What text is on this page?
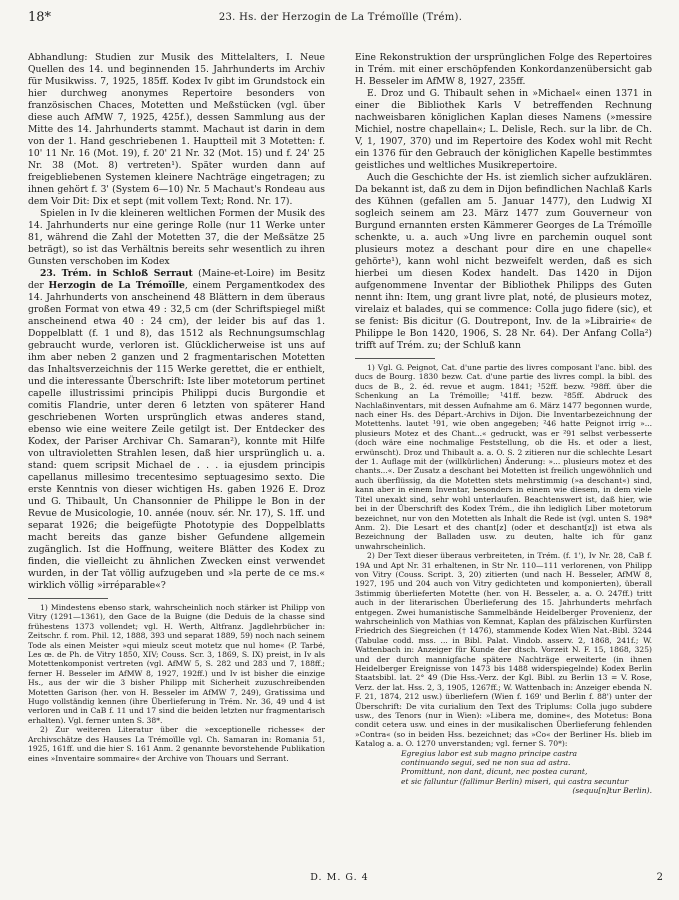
18*	23. Hs. der Herzogin de La Trémoïlle (Trém).

Abhandlung: Studien zur Musik des Mittelalters, I. Neue Quellen des 14. und beginnenden 15. Jahrhunderts im Archiv für Musikwiss. 7, 1925, 185ff. Kodex Iv gibt im Grundstock ein hier durchweg anonymes Repertoire besonders von französischen Chaces, Motetten und Meßstücken (vgl. über diese auch AfMW 7, 1925, 425f.), dessen Sammlung aus der Mitte des 14. Jahrhunderts stammt. Machaut ist darin in dem von der 1. Hand geschriebenen 1. Hauptteil mit 3 Motetten: f. 10' 11 Nr. 16 (Mot. 19), f. 20' 21 Nr. 32 (Mot. 15) und f. 24' 25 Nr. 38 (Mot. 8) vertreten¹). Später wurden dann auf freigebliebenen Systemen kleinere Nachträge eingetragen; zu ihnen gehört f. 3' (System 6—10) Nr. 5 Machaut's Rondeau aus dem Voir Dit: Dix et sept (mit vollem Text; Rond. Nr. 17).

Spielen in Iv die kleineren weltlichen Formen der Musik des 14. Jahrhunderts nur eine geringe Rolle (nur 11 Werke unter 81, während die Zahl der Motetten 37, die der Meßsätze 25 beträgt), so ist das Verhältnis bereits sehr wesentlich zu ihren Gunsten verschoben im Kodex

23. Trém. in Schloß Serraut (Maine-et-Loire) im Besitz der Herzogin de La Trémoïlle, einem Pergamentkodex des 14. Jahrhunderts von anscheinend 48 Blättern in dem überaus großen Format von etwa 49 : 32,5 cm (der Schriftspiegel mißt anscheinend etwa 40 : 24 cm), der leider bis auf das 1. Doppelblatt (f. 1 und 8), das 1512 als Rechnungsumschlag gebraucht wurde, verloren ist. Glücklicherweise ist uns auf ihm aber neben 2 ganzen und 2 fragmentarischen Motetten das Inhaltsverzeichnis der 115 Werke gerettet, die er enthielt, und die interessante Überschrift: Iste liber motetorum pertinet capelle illustrissimi principis Philippi ducis Burgondie et comitis Flandrie, unter deren 6 letzten von späterer Hand geschriebenen Worten ursprünglich etwas anderes stand, ebenso wie eine weitere Zeile getilgt ist. Der Entdecker des Kodex, der Pariser Archivar Ch. Samaran²), konnte mit Hilfe von ultravioletten Strahlen lesen, daß hier ursprünglich u. a. stand: quem scripsit Michael de . . . ia ejusdem principis capellanus millesimo trecentesimo septuagesimo sexto. Die erste Kenntnis von dieser wichtigen Hs. gaben 1926 E. Droz und G. Thibault, Un Chansonnier de Philippe le Bon in der Revue de Musicologie, 10. année (nouv. sér. Nr. 17), S. 1ff. und separat 1926; die beigefügte Phototypie des Doppelblatts macht bereits das ganze bisher Gefundene allgemein zugänglich. Ist die Hoffnung, weitere Blätter des Kodex zu finden, die vielleicht zu ähnlichen Zwecken einst verwendet wurden, in der Tat völlig aufzugeben und »la perte de ce ms.« wirklich völlig »irréparable«?

1) Mindestens ebenso stark, wahrscheinlich noch stärker ist Philipp von Vitry (1291—1361), den Gace de la Buigne (die Deduis de la chasse sind frühestens 1373 vollendet; vgl. H. Werth, Altfranz. Jagdlehrbücher in: Zeitschr. f. rom. Phil. 12, 1888, 393 und separat 1889, 59) noch nach seinem Tode als einen Meister »qui mieulz sceut motetz que nul home« (P. Tarbé, Les œ. de Ph. de Vitry 1850, XIV; Couss. Scr. 3, 1869, S. IX) preist, in Iv als Motettenkomponist vertreten (vgl. AfMW 5, S. 282 und 283 und 7, 188ff.; ferner H. Besseler im AfMW 8, 1927, 192ff.) und Iv ist bisher die einzige Hs., aus der wir die 3 bisher Philipp mit Sicherheit zuzuschreibenden Motetten Garison (her. von H. Besseler im AfMW 7, 249), Gratissima und Hugo vollständig kennen (ihre Überlieferung in Trém. Nr. 36, 49 und 4 ist verloren und in CaB f. 11 und 17 sind die beiden letzten nur fragmentarisch erhalten). Vgl. ferner unten S. 38*.

2) Zur weiteren Literatur über die »exceptionelle richesse« der Archivschätze des Hauses La Trémoïlle vgl. Ch. Samaran in: Romania 51, 1925, 161ff. und die hier S. 161 Anm. 2 genannte bevorstehende Publikation eines »Inventaire sommaire« der Archive von Thouars und Serrant.

Eine Rekonstruktion der ursprünglichen Folge des Repertoires in Trém. mit einer erschöpfenden Konkordanzenübersicht gab H. Besseler im AfMW 8, 1927, 235ff.

E. Droz und G. Thibault sehen in »Michael« einen 1371 in einer die Bibliothek Karls V betreffenden Rechnung nachweisbaren königlichen Kaplan dieses Namens (»messire Michiel, nostre chapellain«; L. Delisle, Rech. sur la libr. de Ch. V, 1, 1907, 370) und im Repertoire des Kodex wohl mit Recht ein 1376 für den Gebrauch der königlichen Kapelle bestimmtes geistliches und weltliches Musikrepertoire.

Auch die Geschichte der Hs. ist ziemlich sicher aufzuklären. Da bekannt ist, daß zu dem in Dijon befindlichen Nachlaß Karls des Kühnen (gefallen am 5. Januar 1477), den Ludwig XI sogleich seinem am 23. März 1477 zum Gouverneur von Burgund ernannten ersten Kämmerer Georges de La Trémoïlle schenkte, u. a. auch »Ung livre en parchemin ouquel sont plusieurs motez a deschant pour dire en une chapelle« gehörte¹), kann wohl nicht bezweifelt werden, daß es sich hierbei um diesen Kodex handelt. Das 1420 in Dijon aufgenommene Inventar der Bibliothek Philipps des Guten nennt ihn: Item, ung grant livre plat, noté, de plusieurs motez, virelaiz et balades, qui se commence: Colla jugo fidere (sic), et se fenist: Bis dicitur (G. Doutrepont, Inv. de la »Librairie« de Philippe le Bon 1420, 1906, S. 28 Nr. 64). Der Anfang Colla²) trifft auf Trém. zu; der Schluß kann

1) Vgl. G. Peignot, Cat. d'une partie des livres composant l'anc. bibl. des ducs de Bourg. 1830 bezw. Cat. d'une partie des livres compl. la bibl. des ducs de B., 2. éd. revue et augm. 1841; ¹52ff. bezw. ²98ff. über die Schenkung an La Trémoïlle; ¹41ff. bezw. ²85ff. Abdruck des Nachlaßinventars, mit dessen Aufnahme am 6. März 1477 begonnen wurde, nach einer Hs. des Départ.-Archivs in Dijon. Die Inventarbezeichnung der Motettenhs. lautet ¹91, wie oben angegeben; ²46 hatte Peignot irrig »... plusieurs Motez et des Chant...« gedruckt, was er ²91 selbst verbesserte (doch wäre eine nochmalige Feststellung, ob die Hs. et oder a liest, erwünscht). Droz und Thibault a. a. O. S. 2 zitieren nur die schlechte Lesart der 1. Auflage mit der (willkürlichen) Änderung: »... plusieurs motez et des chants...«. Der Zusatz a deschant bei Motetten ist freilich ungewöhnlich und auch überflüssig, da die Motetten stets mehrstimmig (»a deschant«) sind, kann aber in einem Inventar, besonders in einem wie diesem, in dem viele Titel unexakt sind, sehr wohl unterlaufen. Beachtenswert ist, daß hier, wie bei in der Überschrift des Kodex Trém., die ihn lediglich Liber motetorum bezeichnet, nur von den Motetten als Inhalt die Rede ist (vgl. unten S. 198* Anm. 2). Die Lesart et des chant[z] (oder et deschant[z]) ist etwa als Bezeichnung der Balladen usw. zu deuten, halte ich für ganz unwahrscheinlich.

2) Der Text dieser überaus verbreiteten, in Trém. (f. 1'), Iv Nr. 28, CaB f. 19A und Apt Nr. 31 erhaltenen, in Str Nr. 110—111 verlorenen, von Philipp von Vitry (Couss. Script. 3, 20) zitierten (und nach H. Besseler, AfMW 8, 1927, 195 und 204 auch von Vitry gedichteten und komponierten), überall 3stimmig überlieferten Motette (her. von H. Besseler, a. a. O. 247ff.) tritt auch in der literarischen Überlieferung des 15. Jahrhunderts mehrfach entgegen. Zwei humanistische Sammelbände Heidelberger Provenienz, der wahrscheinlich von Mathias von Kemnat, Kaplan des pfälzischen Kurfürsten Friedrich des Siegreichen († 1476), stammende Kodex Wien Nat.-Bibl. 3244 (Tabulae codd. mss. ... in Bibl. Palat. Vindob. asserv. 2, 1868, 241f.; W. Wattenbach in: Anzeiger für Kunde der dtsch. Vorzeit N. F. 15, 1868, 325) und der durch mannigfache spätere Nachträge erweiterte (in ihnen Heidelberger Ereignisse von 1473 bis 1488 widerspiegelnde) Kodex Berlin Staatsbibl. lat. 2° 49 (Die Hss.-Verz. der Kgl. Bibl. zu Berlin 13 = V. Rose, Verz. der lat. Hss. 2, 3, 1905, 1267ff.; W. Wattenbach in: Anzeiger ebenda N. F. 21, 1874, 212 usw.) überliefern (Wien f. 169' und Berlin f. 88') unter der Überschrift: De vita curialium den Text des Triplums: Colla jugo subdere usw., des Tenors (nur in Wien): »Libera me, domine«, des Motetus: Bona condit cetera usw. und eines in der musikalischen Überlieferung fehlenden »Contra« (so in beiden Hss. bezeichnet; das »Co« der Berliner Hs. blieb im Katalog a. a. O. 1270 unverstanden; vgl. ferner S. 70*):

Egregius labor est sub magno principe castra

continuando segui, sed ne non sua ad astra.

Promittunt, non dant, dicunt, nec postea curant,

et sic falluntur (fallimur Berlin) miseri, qui castra secuntur

(sequu[n]tur Berlin).

D. M. G. 4	2
